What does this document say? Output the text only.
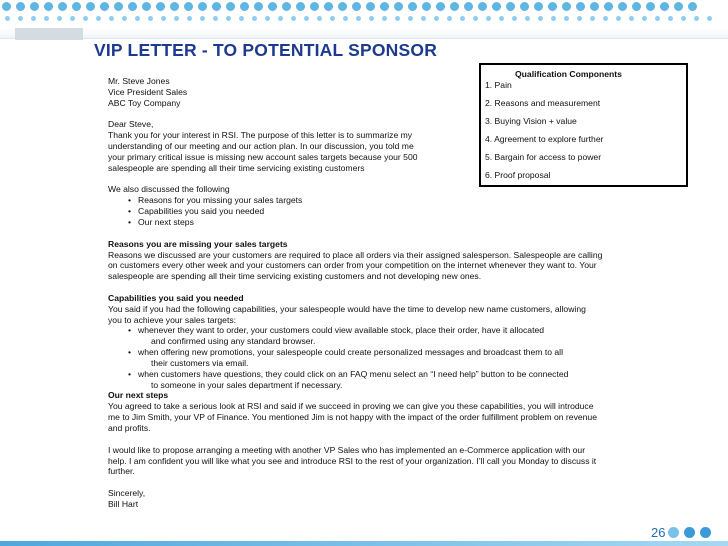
VIP LETTER - TO POTENTIAL SPONSOR
Qualification Components
1. Pain
2. Reasons and measurement
3. Buying Vision + value
4. Agreement to explore further
5. Bargain for access to power
6. Proof proposal
Mr. Steve Jones
Vice President Sales
ABC Toy Company
Dear Steve,
Thank you for your interest in RSI. The purpose of this letter is to summarize my
understanding of our meeting and our action plan. In our discussion, you told me
your primary critical issue is missing new account sales targets because your 500
salespeople are spending all their time servicing existing customers
We also discussed the following
• Reasons for you missing your sales targets
• Capabilities you said you needed
• Our next steps
Reasons you are missing your sales targets
Reasons we discussed are your customers are required to place all orders via their assigned salesperson. Salespeople are calling
on customers every other week and your customers can order from your competition on the internet whenever they want to. Your
salespeople are spending all their time servicing existing customers and not developing new ones.
Capabilities you said you needed
You said if you had the following capabilities, your salespeople would have the time to develop new name customers, allowing
you to achieve your sales targets:
• whenever they want to order, your customers could view available stock, place their order, have it allocated
and confirmed using any standard browser.
• when offering new promotions, your salespeople could create personalized messages and broadcast them to all
their customers via email.
• when customers have questions, they could click on an FAQ menu select an “I need help” button to be connected
to someone in your sales department if necessary.
Our next steps
You agreed to take a serious look at RSI and said if we succeed in proving we can give you these capabilities, you will introduce
me to Jim Smith, your VP of Finance. You mentioned Jim is not happy with the impact of the order fulfillment problem on revenue
and profits.
I would like to propose arranging a meeting with another VP Sales who has implemented an e-Commerce application with our
help. I am confident you will like what you see and introduce RSI to the rest of your organization. I’ll call you Monday to discuss it
further.
Sincerely,
Bill Hart
26
